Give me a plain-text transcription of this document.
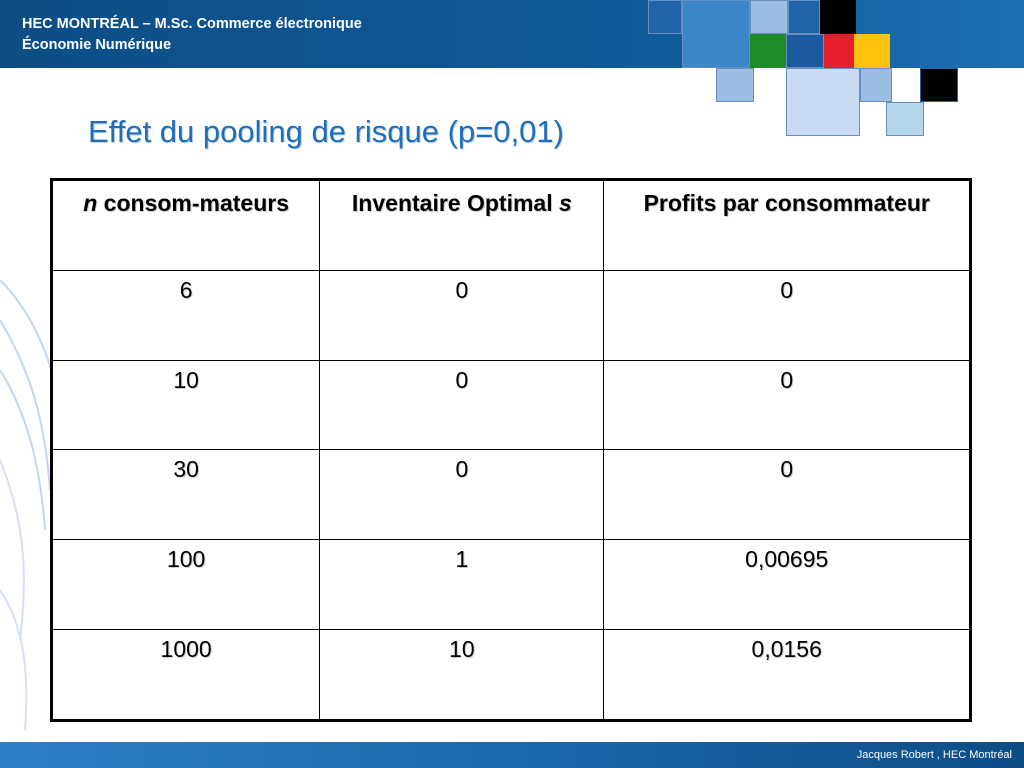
HEC MONTRÉAL – M.Sc. Commerce électronique
Économie Numérique
Effet du pooling de risque (p=0,01)
n consom-mateurs	Inventaire Optimal s	Profits par consommateur
6	0	0
10	0	0
30	0	0
100	1	0,00695
1000	10	0,0156
Jacques Robert , HEC Montréal
